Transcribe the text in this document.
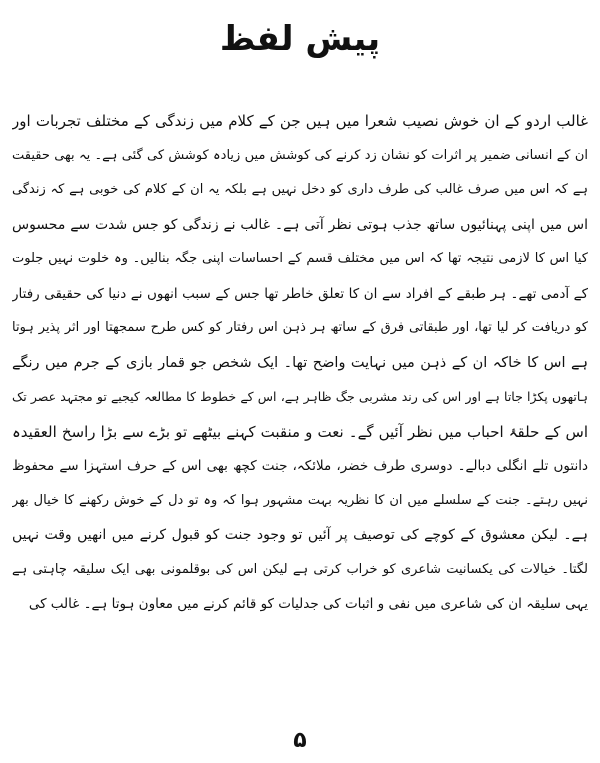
پیش لفظ
غالب اردو کے ان خوش نصیب شعرا میں ہیں جن کے کلام میں زندگی کے مختلف تجربات اور
ان کے انسانی ضمیر پر اثرات کو نشان زد کرنے کی کوشش میں زیادہ کوشش کی گئی ہے۔ یہ بھی حقیقت
ہے کہ اس میں صرف غالب کی طرف داری کو دخل نہیں ہے بلکہ یہ ان کے کلام کی خوبی ہے کہ زندگی
اس میں اپنی پہنائیوں ساتھ جذب ہوتی نظر آتی ہے۔ غالب نے زندگی کو جس شدت سے محسوس
کیا اس کا لازمی نتیجہ تھا کہ اس میں مختلف قسم کے احساسات اپنی جگہ بنالیں۔ وہ خلوت نہیں جلوت
کے آدمی تھے۔ ہر طبقے کے افراد سے ان کا تعلق خاطر تھا جس کے سبب انھوں نے دنیا کی حقیقی رفتار
کو دریافت کر لیا تھا، اور طبقاتی فرق کے ساتھ ہر ذہن اس رفتار کو کس طرح سمجھتا اور اثر پذیر ہوتا
ہے اس کا خاکہ ان کے ذہن میں نہایت واضح تھا۔ ایک شخص جو قمار بازی کے جرم میں رنگے
ہاتھوں پکڑا جاتا ہے اور اس کی رند مشربی جگ ظاہر ہے، اس کے خطوط کا مطالعہ کیجیے تو مجتہد عصر تک
اس کے حلقۂ احباب میں نظر آئیں گے۔ نعت و منقبت کہنے بیٹھے تو بڑے سے بڑا راسخ العقیدہ
دانتوں تلے انگلی دبالے۔ دوسری طرف خضر، ملائکہ، جنت کچھ بھی اس کے حرف استہزا سے محفوظ
نہیں رہتے۔ جنت کے سلسلے میں ان کا نظریہ بہت مشہور ہوا کہ وہ تو دل کے خوش رکھنے کا خیال بھر
ہے۔ لیکن معشوق کے کوچے کی توصیف پر آئیں تو وجود جنت کو قبول کرنے میں انھیں وقت نہیں
لگتا۔ خیالات کی یکسانیت شاعری کو خراب کرتی ہے لیکن اس کی بوقلمونی بھی ایک سلیقہ چاہتی ہے
یہی سلیقہ ان کی شاعری میں نفی و اثبات کی جدلیات کو قائم کرنے میں معاون ہوتا ہے۔ غالب کی
۵
